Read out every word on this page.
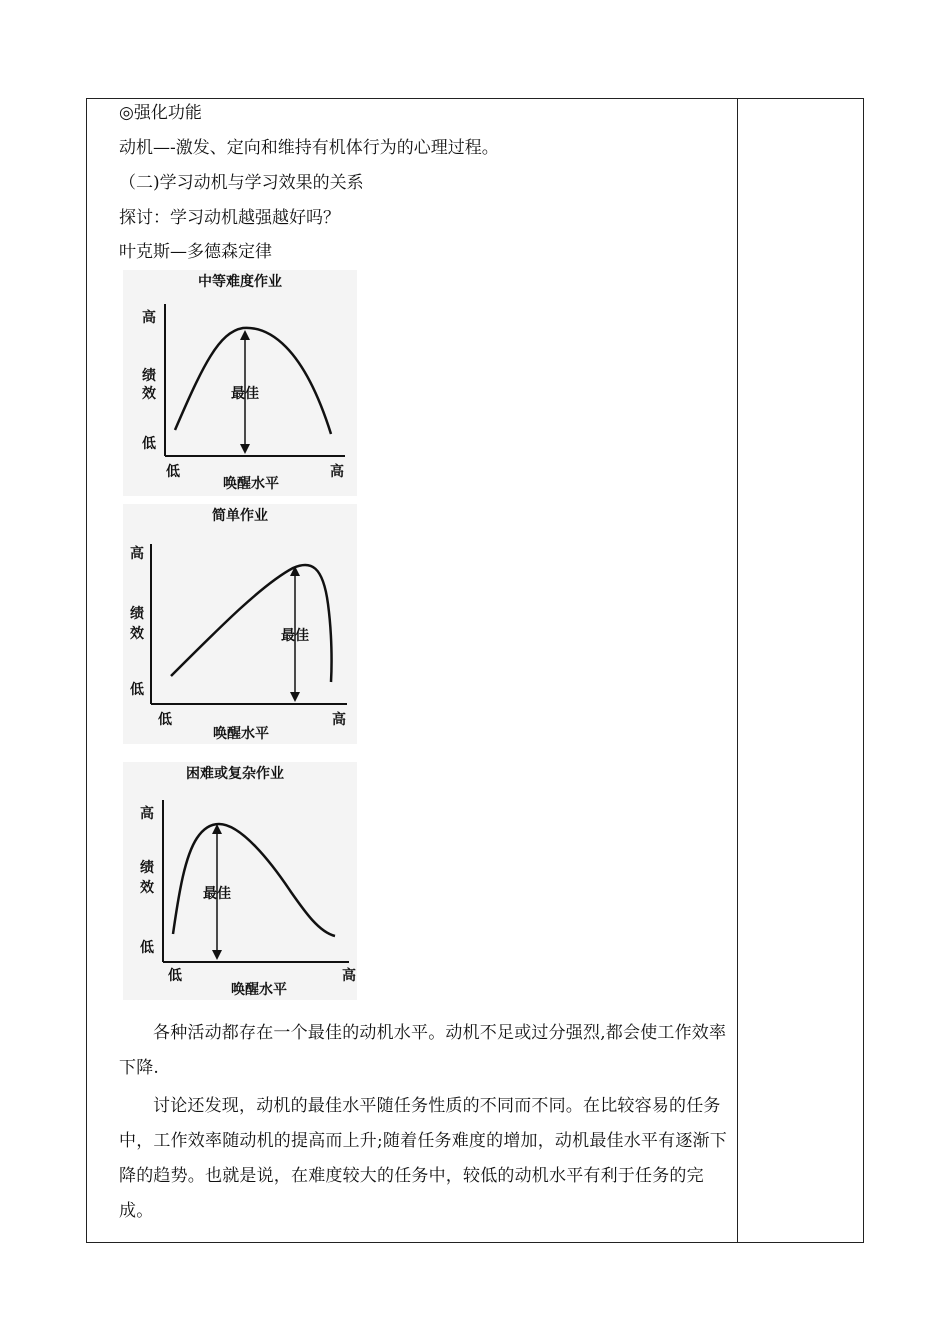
◎强化功能
动机—-激发、定向和维持有机体行为的心理过程。
（二)学习动机与学习效果的关系
探讨：学习动机越强越好吗？
叶克斯—多德森定律
中等难度作业
高
绩
效
低
最佳
低	高
唤醒水平
简单作业
高
绩
效
低
最佳
低	高
唤醒水平
困难或复杂作业
高
绩
效
低
最佳
低	高
唤醒水平
各种活动都存在一个最佳的动机水平。动机不足或过分强烈,都会使工作效率下降.
讨论还发现，动机的最佳水平随任务性质的不同而不同。在比较容易的任务中，工作效率随动机的提高而上升;随着任务难度的增加，动机最佳水平有逐渐下降的趋势。也就是说，在难度较大的任务中，较低的动机水平有利于任务的完成。
